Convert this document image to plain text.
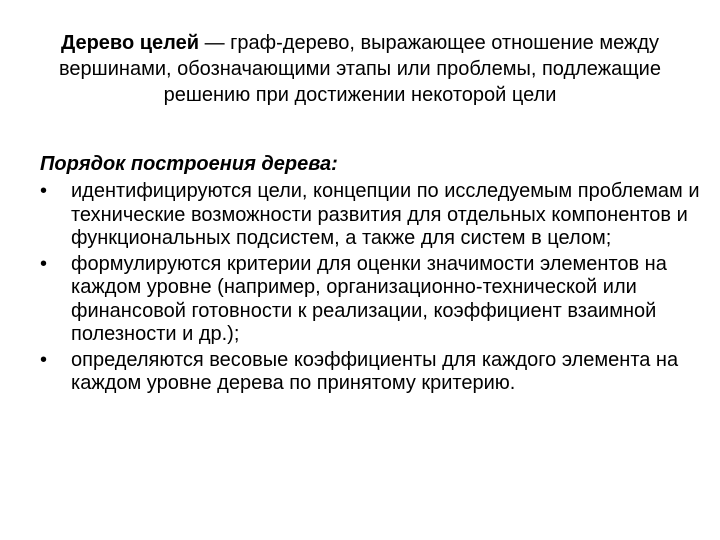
Дерево целей — граф-дерево, выражающее отношение между вершинами, обозначающими этапы или проблемы, подлежащие решению при достижении некоторой цели
Порядок построения дерева:
•	идентифицируются цели, концепции по исследуемым проблемам и технические возможности развития для отдельных компонентов и функциональных подсистем, а также для систем в целом;
•	формулируются критерии для оценки значимости элементов на каждом уровне (например, организационно-технической или финансовой готовности к реализации, коэффициент взаимной полезности и др.);
•	определяются весовые коэффициенты для каждого элемента на каждом уровне дерева по принятому критерию.
